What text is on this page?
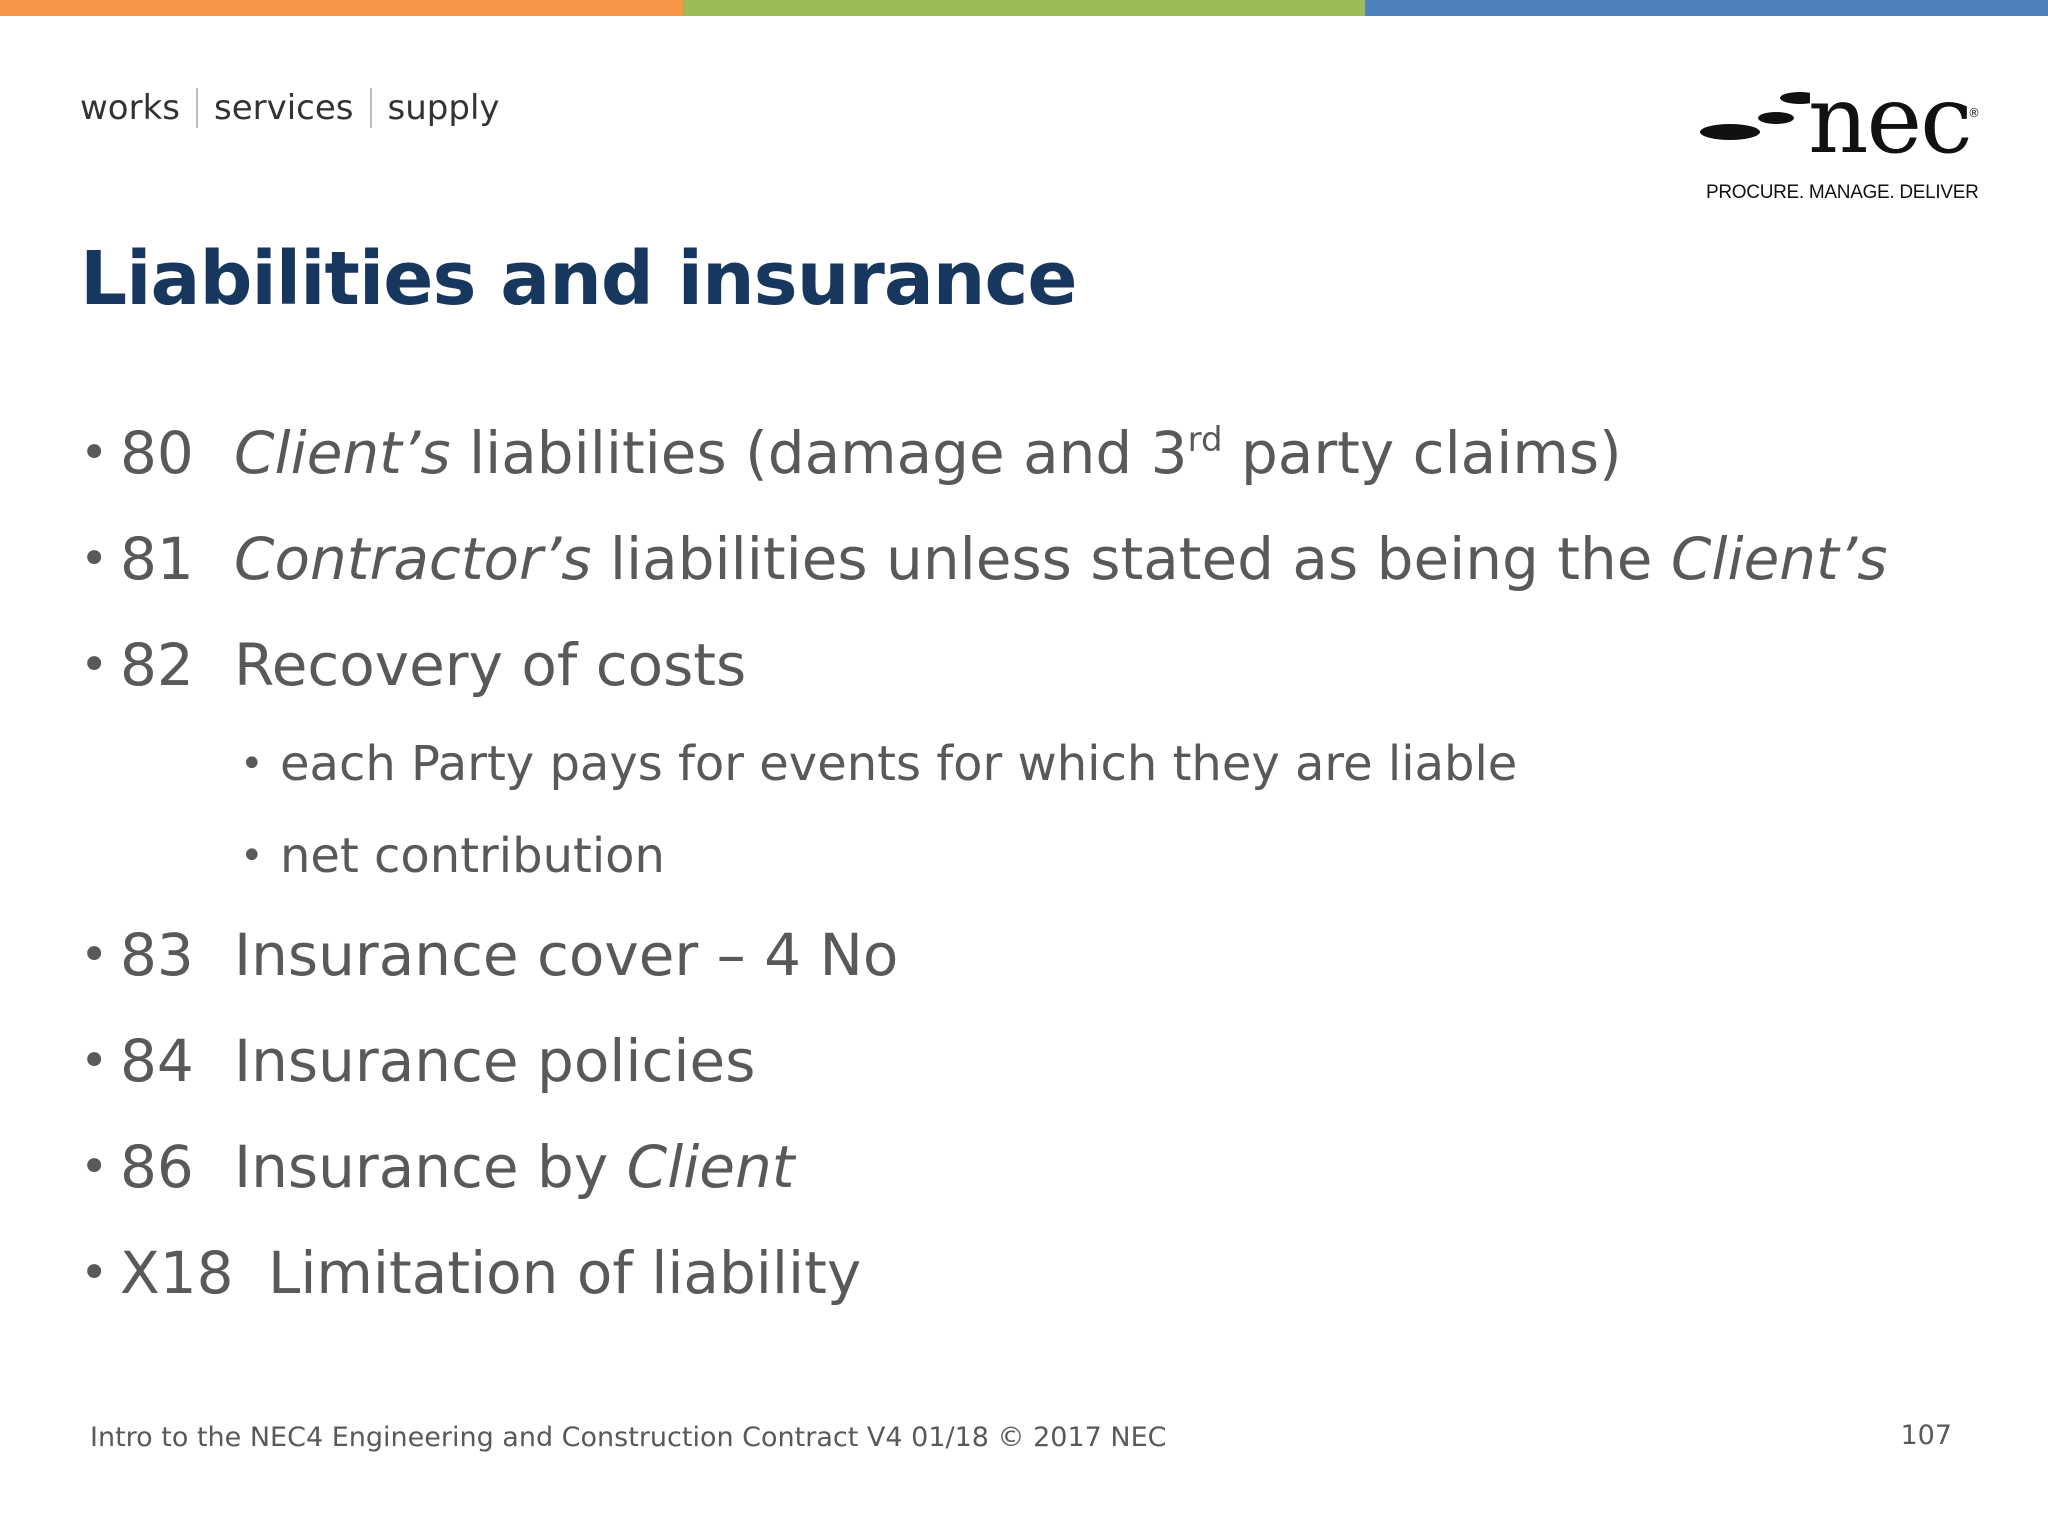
works services supply	nec
®
PROCURE. MANAGE. DELIVER
Liabilities and insurance
• 80 Client’s liabilities (damage and 3rd party claims)
• 81 Contractor’s liabilities unless stated as being the Client’s
• 82 Recovery of costs
• each Party pays for events for which they are liable
• net contribution
• 83 Insurance cover – 4 No
• 84 Insurance policies
• 86 Insurance by Client
• X18 Limitation of liability
Intro to the NEC4 Engineering and Construction Contract V4 01/18 © 2017 NEC	107
